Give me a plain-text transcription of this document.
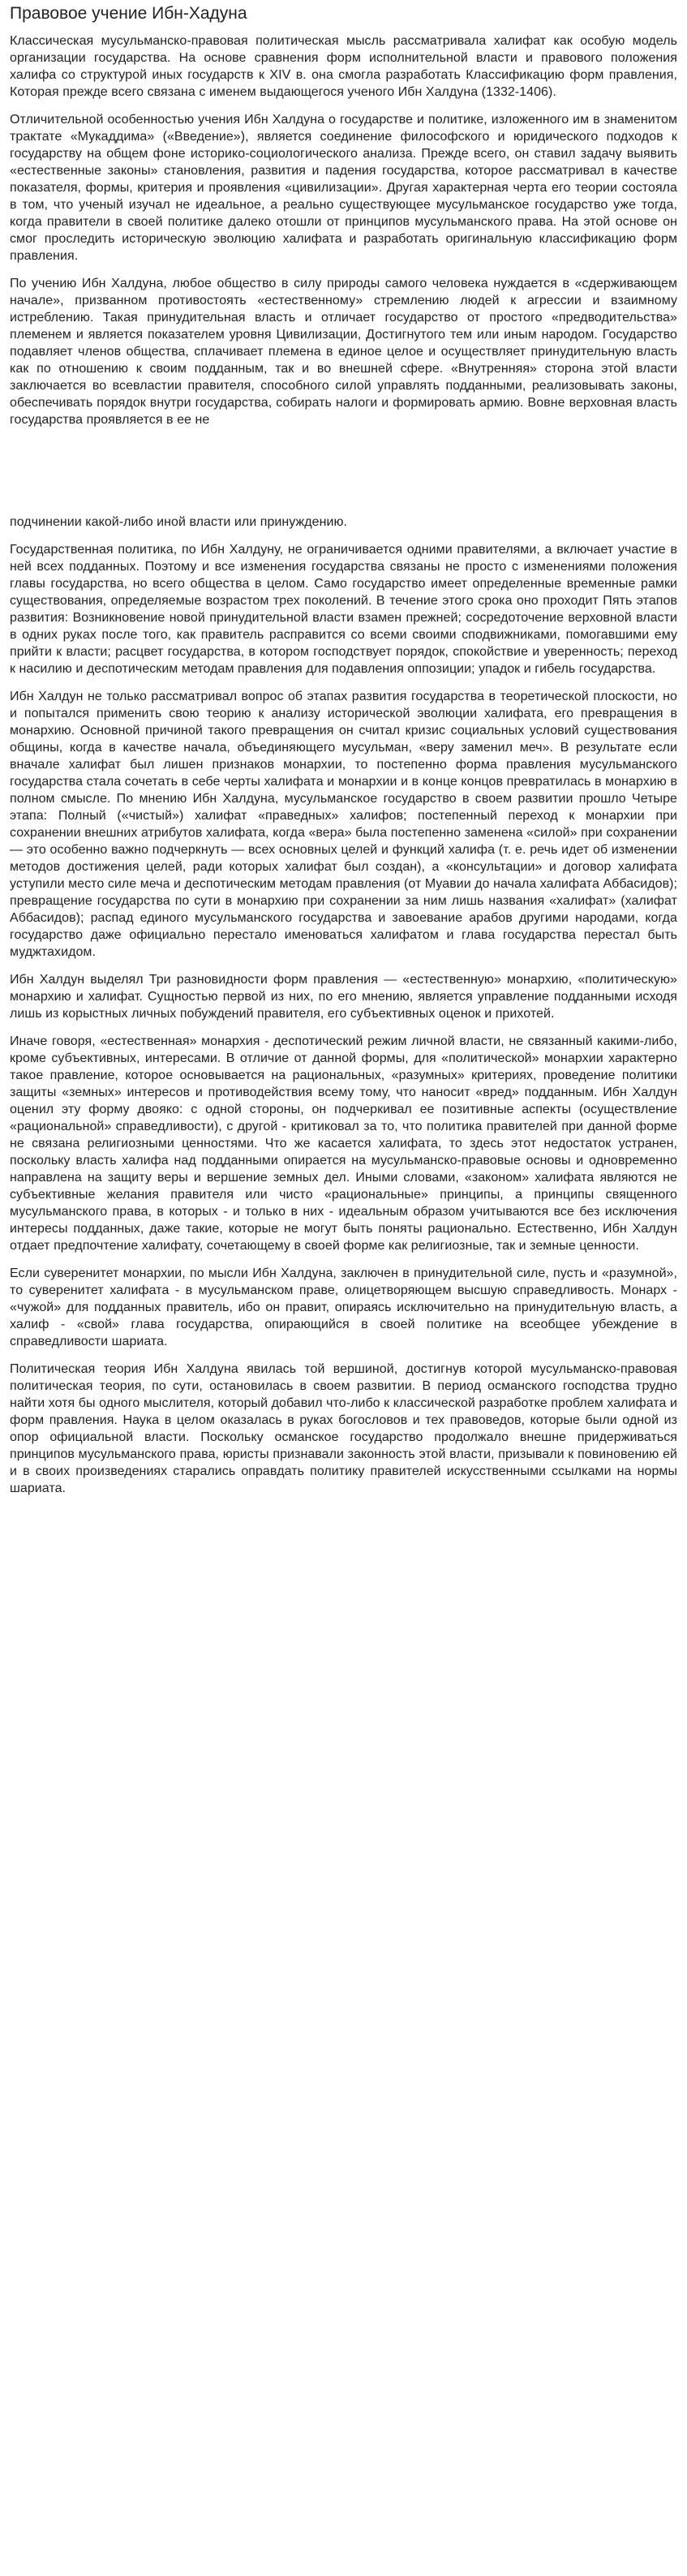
Правовое учение Ибн-Хадуна

Классическая мусульманско-правовая политическая мысль рассматривала халифат как особую модель организации государства. На основе сравнения форм исполнительной власти и правового положения халифа со структурой иных государств к XIV в. она смогла разработать Классификацию форм правления, Которая прежде всего связана с именем выдающегося ученого Ибн Халдуна (1332-1406).

Отличительной особенностью учения Ибн Халдуна о государстве и политике, изложенного им в знаменитом трактате «Мукаддима» («Введение»), является соединение философского и юридического подходов к государству на общем фоне историко-социологического анализа. Прежде всего, он ставил задачу выявить «естественные законы» становления, развития и падения государства, которое рассматривал в качестве показателя, формы, критерия и проявления «цивилизации». Другая характерная черта его теории состояла в том, что ученый изучал не идеальное, а реально существующее мусульманское государство уже тогда, когда правители в своей политике далеко отошли от принципов мусульманского права. На этой основе он смог проследить историческую эволюцию халифата и разработать оригинальную классификацию форм правления.

По учению Ибн Халдуна, любое общество в силу природы самого человека нуждается в «сдерживающем начале», призванном противостоять «естественному» стремлению людей к агрессии и взаимному истреблению. Такая принудительная власть и отличает государство от простого «предводительства» племенем и является показателем уровня Цивилизации, Достигнутого тем или иным народом. Государство подавляет членов общества, сплачивает племена в единое целое и осуществляет принудительную власть как по отношению к своим подданным, так и во внешней сфере. «Внутренняя» сторона этой власти заключается во всевластии правителя, способного силой управлять подданными, реализовывать законы, обеспечивать порядок внутри государства, собирать налоги и формировать армию. Вовне верховная власть государства проявляется в ее не

подчинении какой-либо иной власти или принуждению.

Государственная политика, по Ибн Халдуну, не ограничивается одними правителями, а включает участие в ней всех подданных. Поэтому и все изменения государства связаны не просто с изменениями положения главы государства, но всего общества в целом. Само государство имеет определенные временные рамки существования, определяемые возрастом трех поколений. В течение этого срока оно проходит Пять этапов развития: Возникновение новой принудительной власти взамен прежней; сосредоточение верховной власти в одних руках после того, как правитель расправится со всеми своими сподвижниками, помогавшими ему прийти к власти; расцвет государства, в котором господствует порядок, спокойствие и уверенность; переход к насилию и деспотическим методам правления для подавления оппозиции; упадок и гибель государства.

Ибн Халдун не только рассматривал вопрос об этапах развития государства в теоретической плоскости, но и попытался применить свою теорию к анализу исторической эволюции халифата, его превращения в монархию. Основной причиной такого превращения он считал кризис социальных условий существования общины, когда в качестве начала, объединяющего мусульман, «веру заменил меч». В результате если вначале халифат был лишен признаков монархии, то постепенно форма правления мусульманского государства стала сочетать в себе черты халифата и монархии и в конце концов превратилась в монархию в полном смысле. По мнению Ибн Халдуна, мусульманское государство в своем развитии прошло Четыре этапа: Полный («чистый») халифат «праведных» халифов; постепенный переход к монархии при сохранении внешних атрибутов халифата, когда «вера» была постепенно заменена «силой» при сохранении — это особенно важно подчеркнуть — всех основных целей и функций халифа (т. е. речь идет об изменении методов достижения целей, ради которых халифат был создан), а «консультации» и договор халифата уступили место силе меча и деспотическим методам правления (от Муавии до начала халифата Аббасидов); превращение государства по сути в монархию при сохранении за ним лишь названия «халифат» (халифат Аббасидов); распад единого мусульманского государства и завоевание арабов другими народами, когда государство даже официально перестало именоваться халифатом и глава государства перестал быть муджтахидом.

Ибн Халдун выделял Три разновидности форм правления — «естественную» монархию, «политическую» монархию и халифат. Сущностью первой из них, по его мнению, является управление подданными исходя лишь из корыстных личных побуждений правителя, его субъективных оценок и прихотей.

Иначе говоря, «естественная» монархия - деспотический режим личной власти, не связанный какими-либо, кроме субъективных, интересами. В отличие от данной формы, для «политической» монархии характерно такое правление, которое основывается на рациональных, «разумных» критериях, проведение политики защиты «земных» интересов и противодействия всему тому, что наносит «вред» подданным. Ибн Халдун оценил эту форму двояко: с одной стороны, он подчеркивал ее позитивные аспекты (осуществление «рациональной» справедливости), с другой - критиковал за то, что политика правителей при данной форме не связана религиозными ценностями. Что же касается халифата, то здесь этот недостаток устранен, поскольку власть халифа над подданными опирается на мусульманско-правовые основы и одновременно направлена на защиту веры и вершение земных дел. Иными словами, «законом» халифата являются не субъективные желания правителя или чисто «рациональные» принципы, а принципы священного мусульманского права, в которых - и только в них - идеальным образом учитываются все без исключения интересы подданных, даже такие, которые не могут быть поняты рационально. Естественно, Ибн Халдун отдает предпочтение халифату, сочетающему в своей форме как религиозные, так и земные ценности.

Если суверенитет монархии, по мысли Ибн Халдуна, заключен в принудительной силе, пусть и «разумной», то суверенитет халифата - в мусульманском праве, олицетворяющем высшую справедливость. Монарх - «чужой» для подданных правитель, ибо он правит, опираясь исключительно на принудительную власть, а халиф - «свой» глава государства, опирающийся в своей политике на всеобщее убеждение в справедливости шариата.

Политическая теория Ибн Халдуна явилась той вершиной, достигнув которой мусульманско-правовая политическая теория, по сути, остановилась в своем развитии. В период османского господства трудно найти хотя бы одного мыслителя, который добавил что-либо к классической разработке проблем халифата и форм правления. Наука в целом оказалась в руках богословов и тех правоведов, которые были одной из опор официальной власти. Поскольку османское государство продолжало внешне придерживаться принципов мусульманского права, юристы признавали законность этой власти, призывали к повиновению ей и в своих произведениях старались оправдать политику правителей искусственными ссылками на нормы шариата.
